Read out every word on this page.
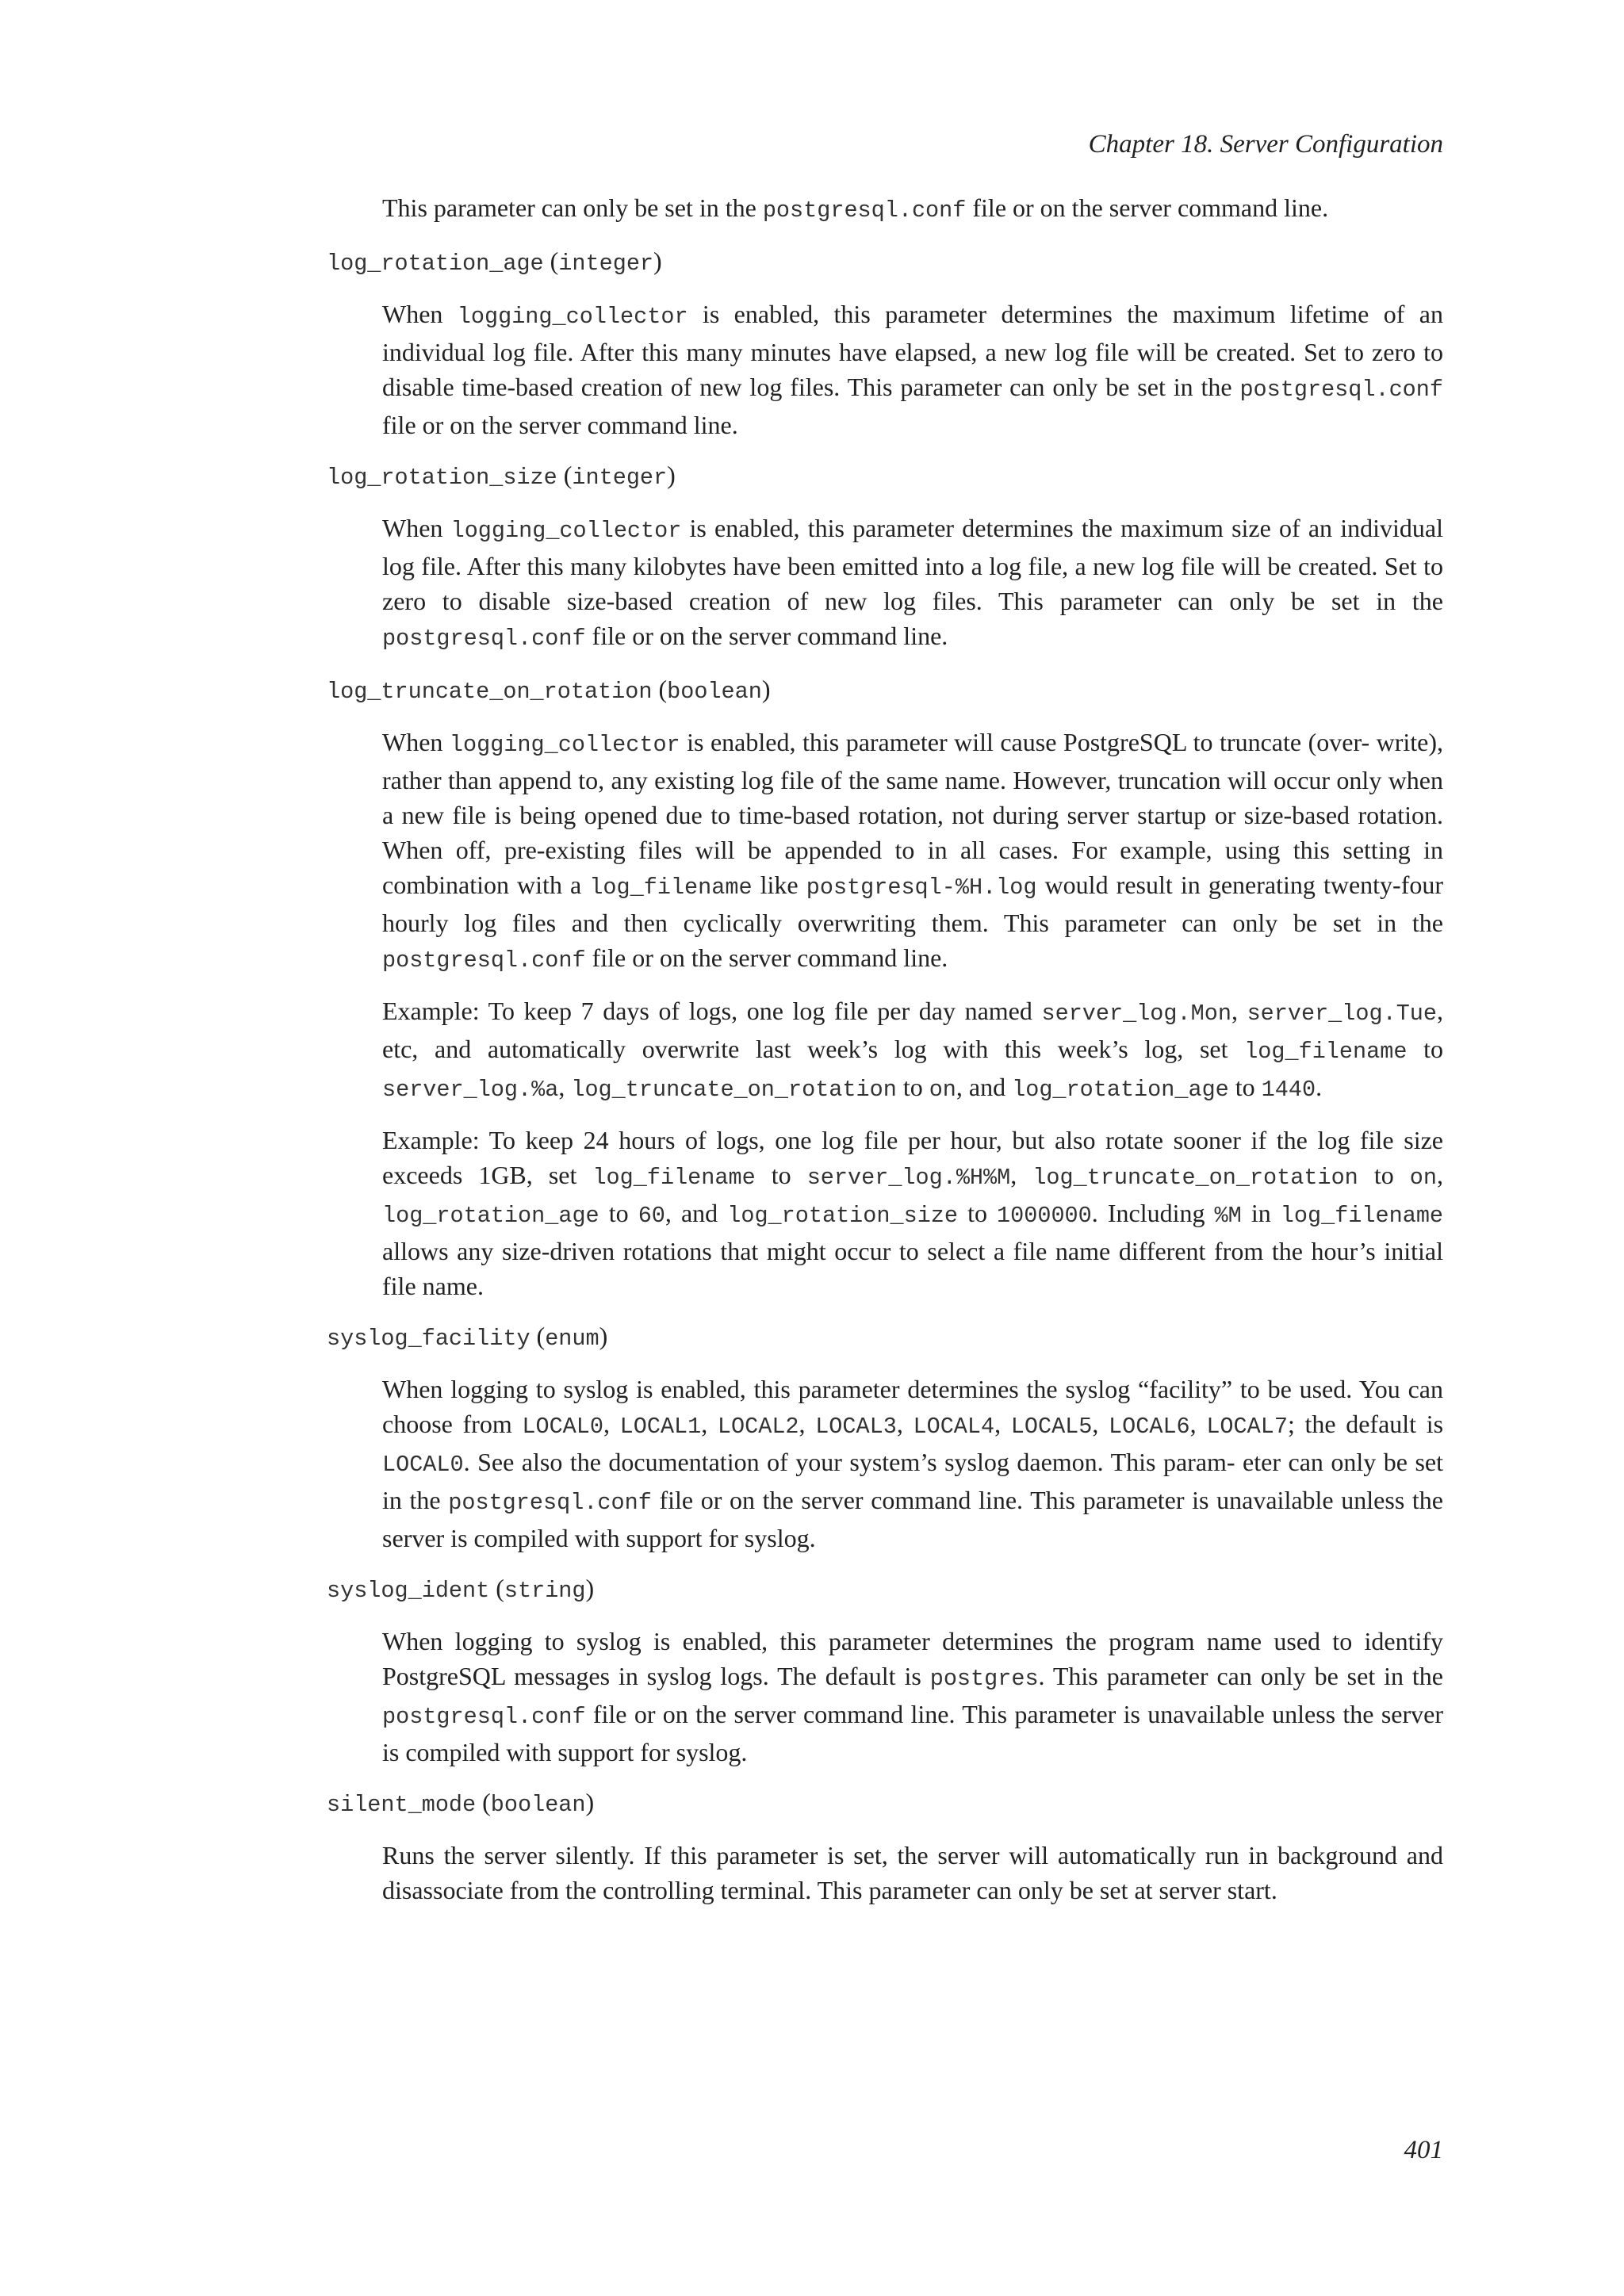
Chapter 18. Server Configuration

This parameter can only be set in the postgresql.conf file or on the server command line.

log_rotation_age (integer)

When logging_collector is enabled, this parameter determines the maximum lifetime of an individual log file. After this many minutes have elapsed, a new log file will be created. Set to zero to disable time-based creation of new log files. This parameter can only be set in the postgresql.conf file or on the server command line.

log_rotation_size (integer)

When logging_collector is enabled, this parameter determines the maximum size of an individual log file. After this many kilobytes have been emitted into a log file, a new log file will be created. Set to zero to disable size-based creation of new log files. This parameter can only be set in the postgresql.conf file or on the server command line.

log_truncate_on_rotation (boolean)

When logging_collector is enabled, this parameter will cause PostgreSQL to truncate (over- write), rather than append to, any existing log file of the same name. However, truncation will occur only when a new file is being opened due to time-based rotation, not during server startup or size-based rotation. When off, pre-existing files will be appended to in all cases. For example, using this setting in combination with a log_filename like postgresql-%H.log would result in generating twenty-four hourly log files and then cyclically overwriting them. This parameter can only be set in the postgresql.conf file or on the server command line.

Example: To keep 7 days of logs, one log file per day named server_log.Mon, server_log.Tue, etc, and automatically overwrite last week’s log with this week’s log, set log_filename to server_log.%a, log_truncate_on_rotation to on, and log_rotation_age to 1440.

Example: To keep 24 hours of logs, one log file per hour, but also rotate sooner if the log file size exceeds 1GB, set log_filename to server_log.%H%M, log_truncate_on_rotation to on, log_rotation_age to 60, and log_rotation_size to 1000000. Including %M in log_filename allows any size-driven rotations that might occur to select a file name different from the hour’s initial file name.

syslog_facility (enum)

When logging to syslog is enabled, this parameter determines the syslog “facility” to be used. You can choose from LOCAL0, LOCAL1, LOCAL2, LOCAL3, LOCAL4, LOCAL5, LOCAL6, LOCAL7; the default is LOCAL0. See also the documentation of your system’s syslog daemon. This param- eter can only be set in the postgresql.conf file or on the server command line. This parameter is unavailable unless the server is compiled with support for syslog.

syslog_ident (string)

When logging to syslog is enabled, this parameter determines the program name used to identify PostgreSQL messages in syslog logs. The default is postgres. This parameter can only be set in the postgresql.conf file or on the server command line. This parameter is unavailable unless the server is compiled with support for syslog.

silent_mode (boolean)

Runs the server silently. If this parameter is set, the server will automatically run in background and disassociate from the controlling terminal. This parameter can only be set at server start.

401
